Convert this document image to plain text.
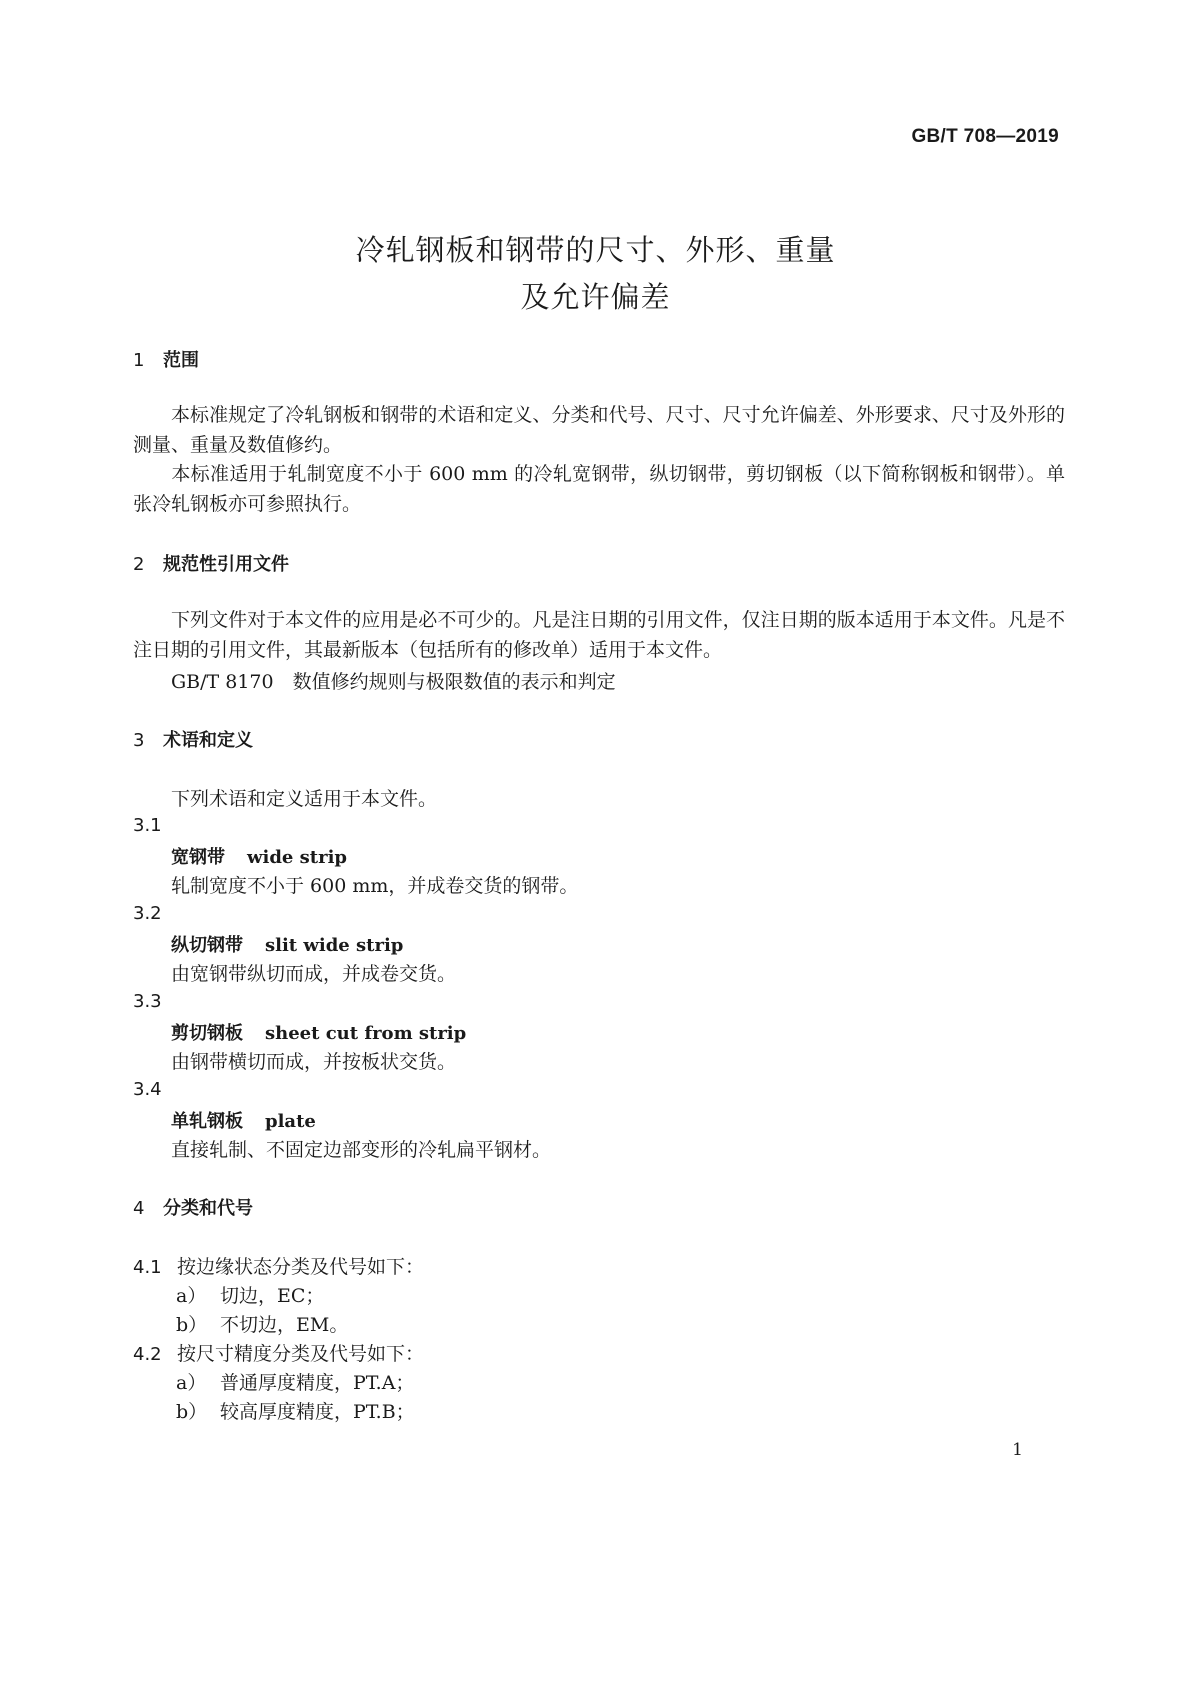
GB/T 708—2019
冷轧钢板和钢带的尺寸、外形、重量
及允许偏差
1 范围
本标准规定了冷轧钢板和钢带的术语和定义、分类和代号、尺寸、尺寸允许偏差、外形要求、尺寸及外形的测量、重量及数值修约。
本标准适用于轧制宽度不小于 600 mm 的冷轧宽钢带，纵切钢带，剪切钢板（以下简称钢板和钢带）。单张冷轧钢板亦可参照执行。
2 规范性引用文件
下列文件对于本文件的应用是必不可少的。凡是注日期的引用文件，仅注日期的版本适用于本文件。凡是不注日期的引用文件，其最新版本（包括所有的修改单）适用于本文件。
GB/T 8170　数值修约规则与极限数值的表示和判定
3 术语和定义
下列术语和定义适用于本文件。
3.1
宽钢带 wide strip
轧制宽度不小于 600 mm，并成卷交货的钢带。
3.2
纵切钢带 slit wide strip
由宽钢带纵切而成，并成卷交货。
3.3
剪切钢板 sheet cut from strip
由钢带横切而成，并按板状交货。
3.4
单轧钢板 plate
直接轧制、不固定边部变形的冷轧扁平钢材。
4 分类和代号
4.1 按边缘状态分类及代号如下：
a） 切边，EC；
b） 不切边，EM。
4.2 按尺寸精度分类及代号如下：
a） 普通厚度精度，PT.A；
b） 较高厚度精度，PT.B；
1
